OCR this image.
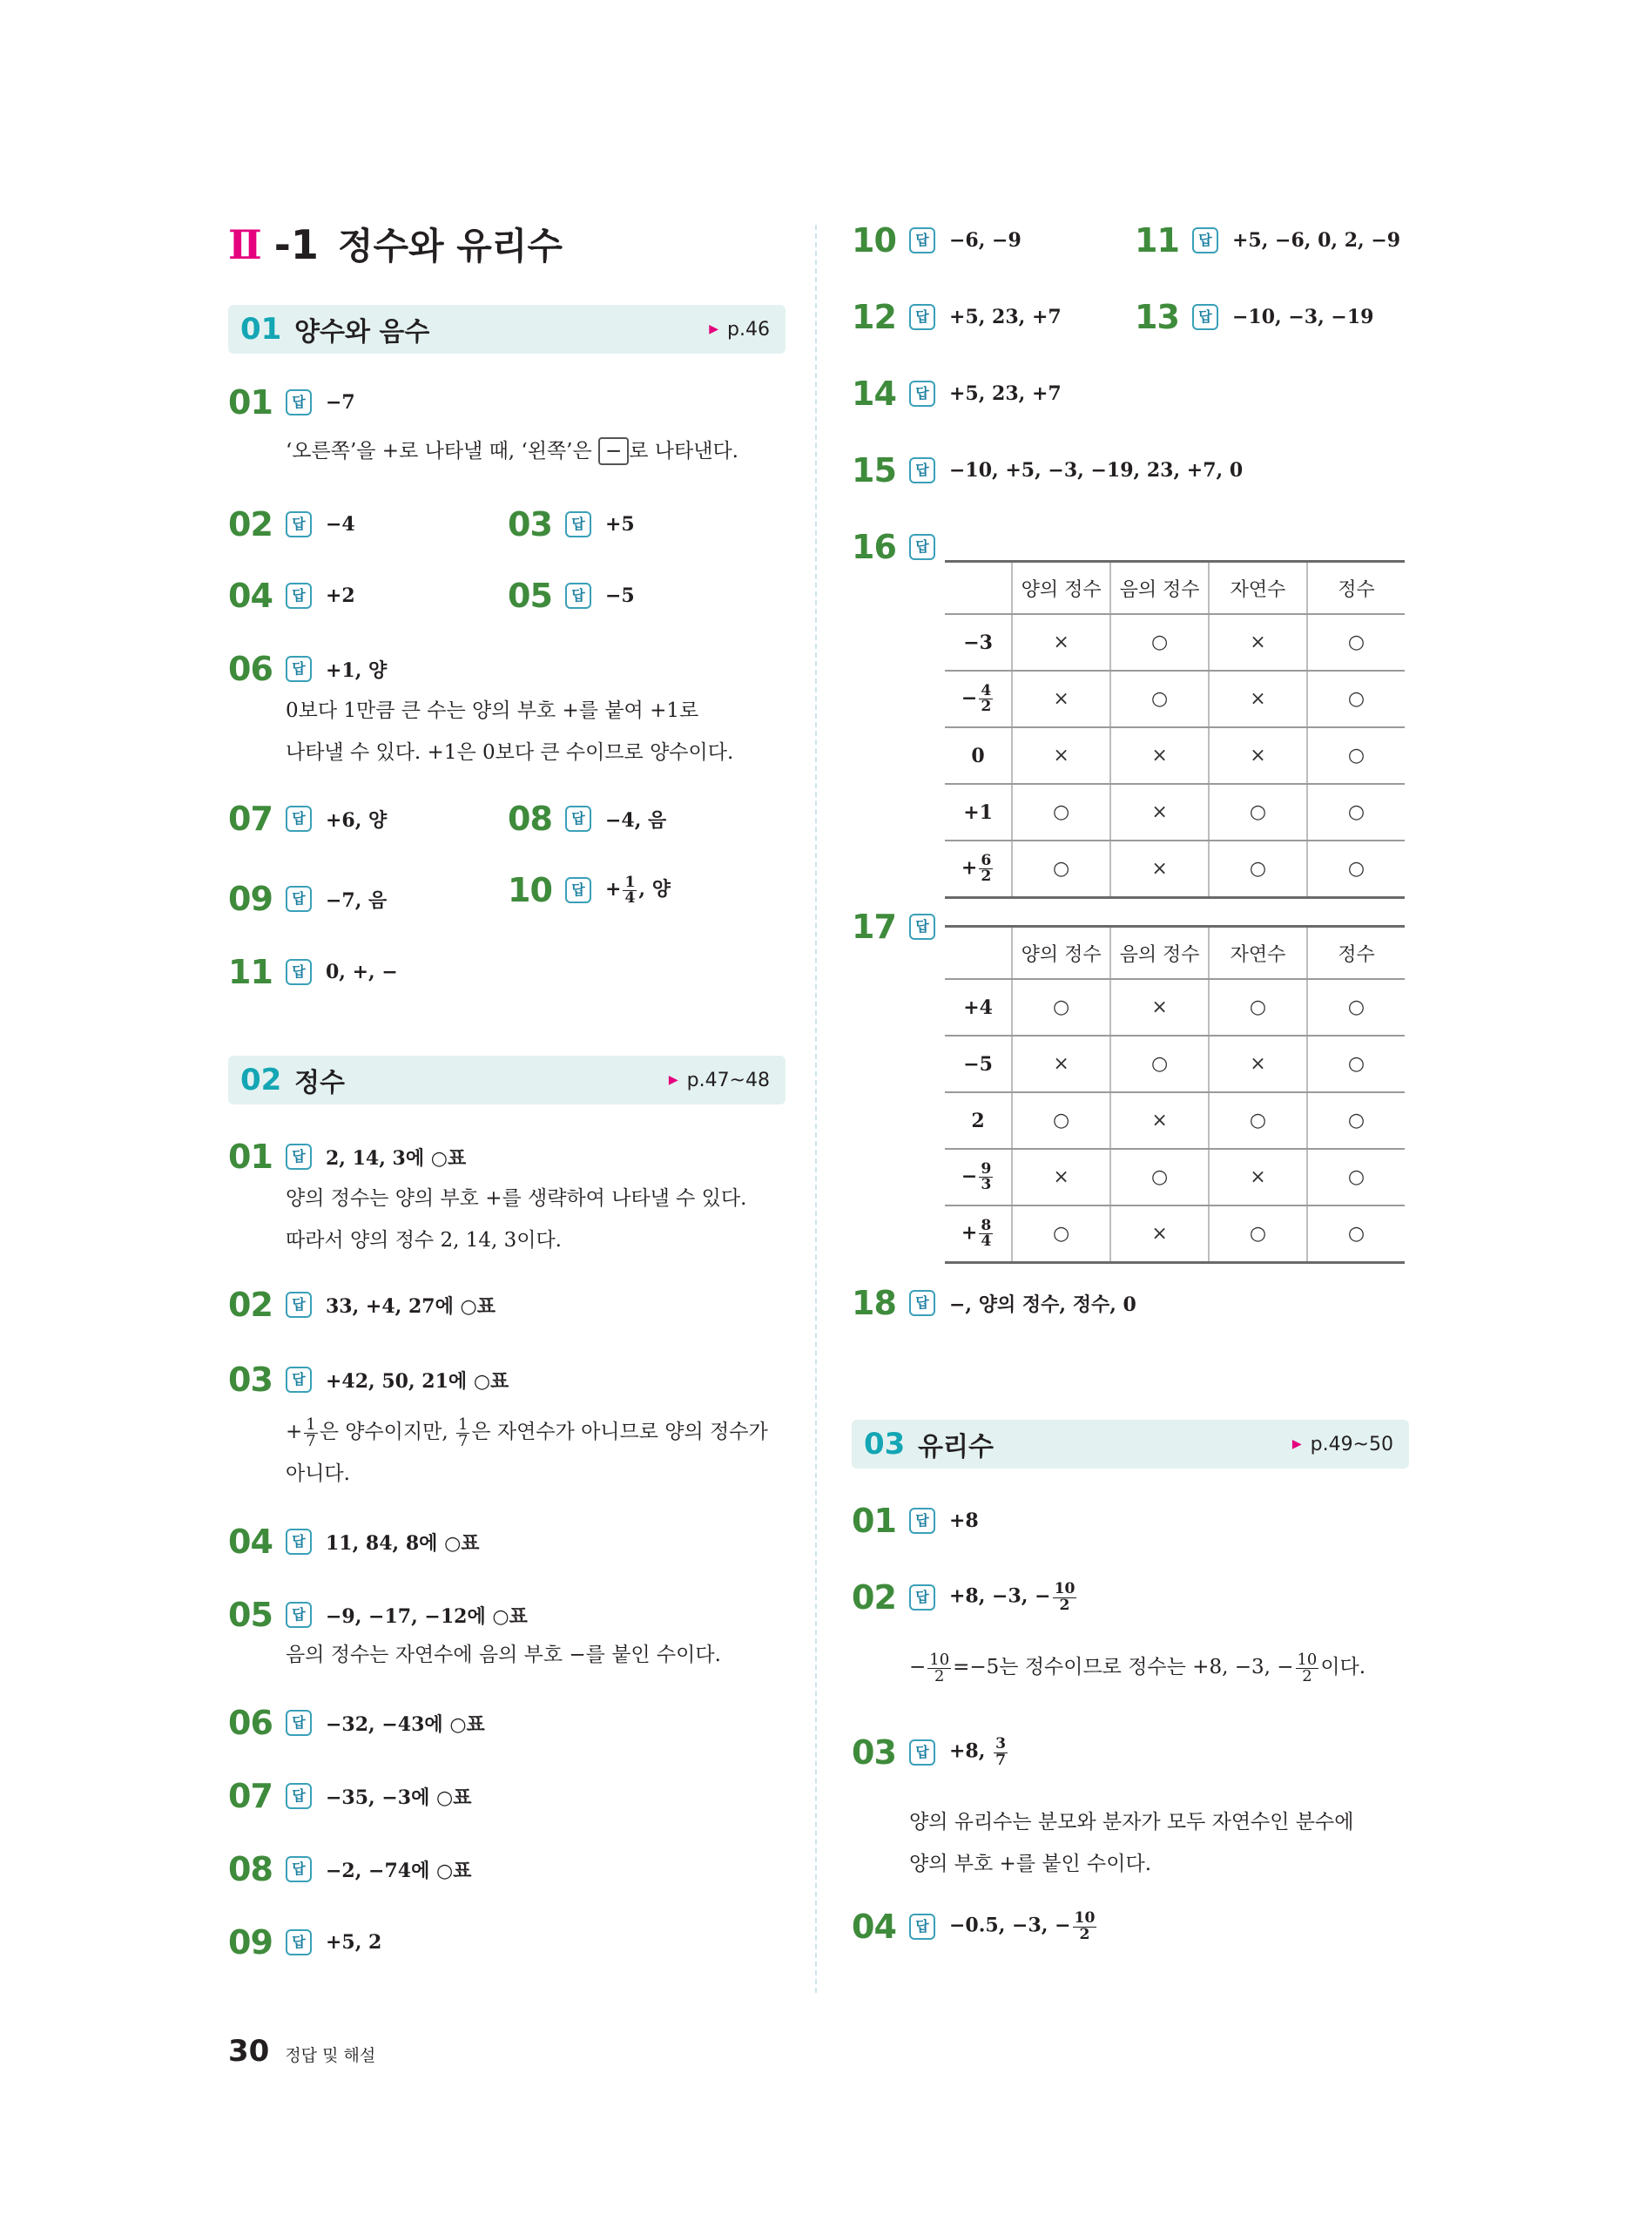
Ⅱ -1 정수와 유리수
01 양수와 음수	▶ p.46
01	답	−7
‘오른쪽’을 +로 나타낼 때, ‘왼쪽’은 − 로 나타낸다.
02	답	−4	03	답	+5
04	답	+2	05	답	−5
06	답	+1, 양
0보다 1만큼 큰 수는 양의 부호 +를 붙여 +1로
나타낼 수 있다. +1은 0보다 큰 수이므로 양수이다.
07	답	+6, 양	08	답	−4, 음
09	답	−7, 음	10	답	+ $\frac{1}{4}$ , 양
11	답	0, +, −
02 정수	▶ p.47~48
01	답	2, 14, 3에 ○표
양의 정수는 양의 부호 +를 생략하여 나타낼 수 있다.
따라서 양의 정수 2, 14, 3이다.
02	답	33, +4, 27에 ○표
03	답	+42, 50, 21에 ○표
+ $\frac{1}{7}$ 은 양수이지만, $\frac{1}{7}$ 은 자연수가 아니므로 양의 정수가
아니다.
04	답	11, 84, 8에 ○표
05	답	−9, −17, −12에 ○표
음의 정수는 자연수에 음의 부호 −를 붙인 수이다.
06	답	−32, −43에 ○표
07	답	−35, −3에 ○표
08	답	−2, −74에 ○표
09	답	+5, 2
10	답	−6, −9	11	답	+5, −6, 0, 2, −9
12	답	+5, 23, +7 13	답	−10, −3, −19
14	답	+5, 23, +7
15	답	−10, +5, −3, −19, 23, +7, 0
16	답
	양의 정수	음의 정수	자연수	정수
−3	×	○	×	○
− $\frac{4}{2}$	×	○	×	○
0	×	×	×	○
+1	○	×	○	○
+ $\frac{6}{2}$	○	×	○	○
17	답
	양의 정수	음의 정수	자연수	정수
+4	○	×	○	○
−5	×	○	×	○
2	○	×	○	○
− $\frac{9}{3}$	×	○	×	○
+ $\frac{8}{4}$	○	×	○	○
18	답	−, 양의 정수, 정수, 0
03 유리수	▶ p.49~50
01	답	+8
02	답	+8, −3, − $\frac{10}{2}$
− $\frac{10}{2} =-5$는 정수이므로 정수는 +8, −3, − $\frac{10}{2}$ 이다.
03	답	+8, $\frac{3}{7}$
양의 유리수는 분모와 분자가 모두 자연수인 분수에
양의 부호 +를 붙인 수이다.
04	답	−0.5, −3, − $\frac{10}{2}$
30 정답 및 해설
